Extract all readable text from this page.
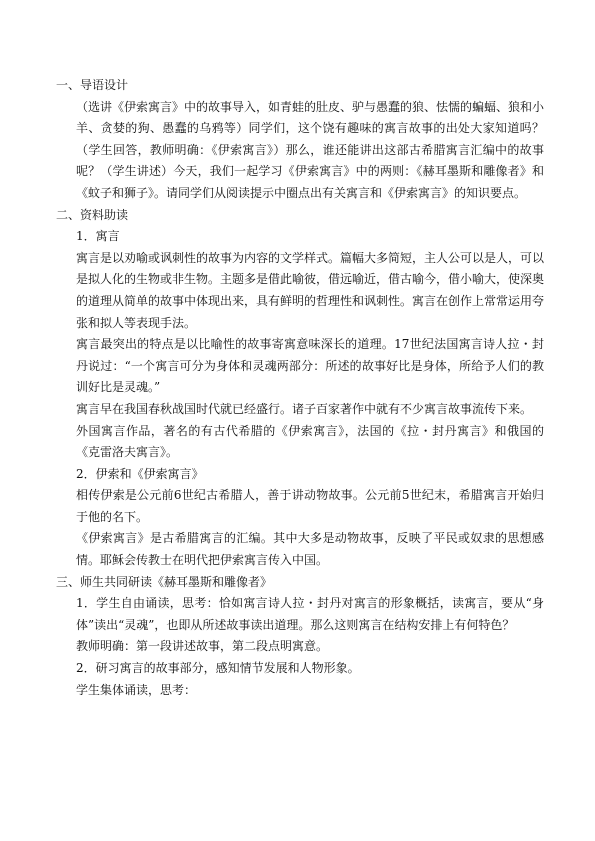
一、导语设计

（选讲《伊索寓言》中的故事导入，如青蛙的肚皮、驴与愚蠢的狼、怯懦的蝙蝠、狼和小羊、贪婪的狗、愚蠢的乌鸦等）同学们，这个饶有趣味的寓言故事的出处大家知道吗？（学生回答，教师明确：《伊索寓言》）那么，谁还能讲出这部古希腊寓言汇编中的故事呢？（学生讲述）今天，我们一起学习《伊索寓言》中的两则：《赫耳墨斯和雕像者》和《蚊子和狮子》。请同学们从阅读提示中圈点出有关寓言和《伊索寓言》的知识要点。

二、资料助读

1．寓言

寓言是以劝喻或讽刺性的故事为内容的文学样式。篇幅大多简短，主人公可以是人，可以是拟人化的生物或非生物。主题多是借此喻彼，借远喻近，借古喻今，借小喻大，使深奥的道理从简单的故事中体现出来，具有鲜明的哲理性和讽刺性。寓言在创作上常常运用夸张和拟人等表现手法。

寓言最突出的特点是以比喻性的故事寄寓意味深长的道理。17世纪法国寓言诗人拉・封丹说过：“一个寓言可分为身体和灵魂两部分：所述的故事好比是身体，所给予人们的教训好比是灵魂。”

寓言早在我国春秋战国时代就已经盛行。诸子百家著作中就有不少寓言故事流传下来。

外国寓言作品，著名的有古代希腊的《伊索寓言》，法国的《拉・封丹寓言》和俄国的《克雷洛夫寓言》。

2．伊索和《伊索寓言》

相传伊索是公元前6世纪古希腊人，善于讲动物故事。公元前5世纪末，希腊寓言开始归于他的名下。

《伊索寓言》是古希腊寓言的汇编。其中大多是动物故事，反映了平民或奴隶的思想感情。耶稣会传教士在明代把伊索寓言传入中国。

三、师生共同研读《赫耳墨斯和雕像者》

1．学生自由诵读，思考：恰如寓言诗人拉・封丹对寓言的形象概括，读寓言，要从“身体”读出“灵魂”，也即从所述故事读出道理。那么这则寓言在结构安排上有何特色？

教师明确：第一段讲述故事，第二段点明寓意。

2．研习寓言的故事部分，感知情节发展和人物形象。

学生集体诵读，思考：
